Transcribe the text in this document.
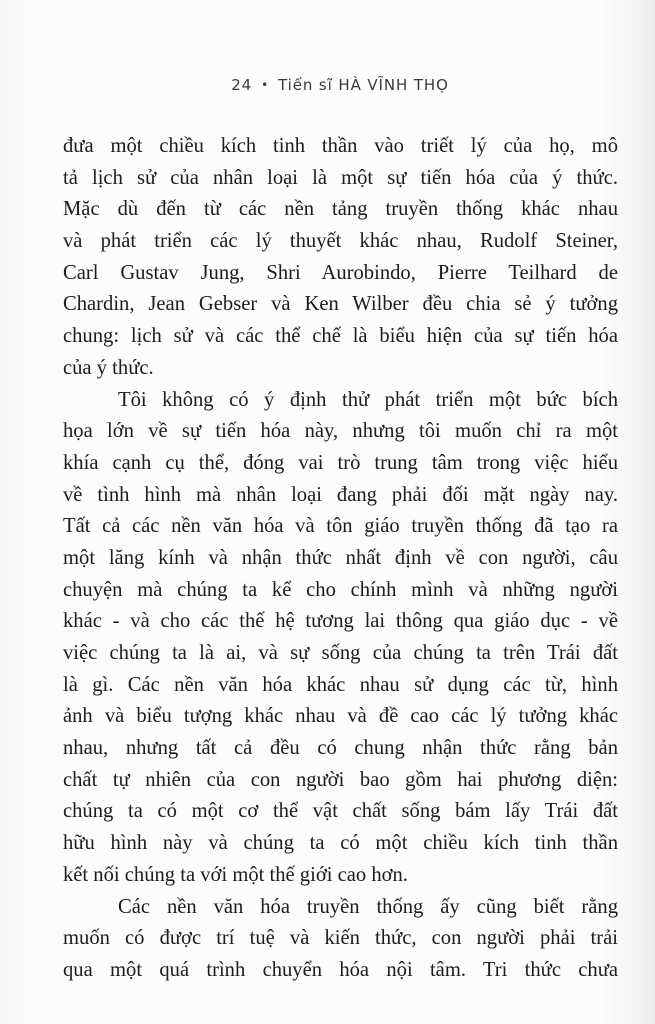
24 • Tiến sĩ HÀ VĨNH THỌ
đưa một chiều kích tinh thần vào triết lý của họ, mô
tả lịch sử của nhân loại là một sự tiến hóa của ý thức.
Mặc dù đến từ các nền tảng truyền thống khác nhau
và phát triển các lý thuyết khác nhau, Rudolf Steiner,
Carl Gustav Jung, Shri Aurobindo, Pierre Teilhard de
Chardin, Jean Gebser và Ken Wilber đều chia sẻ ý tưởng
chung: lịch sử và các thể chế là biểu hiện của sự tiến hóa
của ý thức.
Tôi không có ý định thử phát triển một bức bích
họa lớn về sự tiến hóa này, nhưng tôi muốn chỉ ra một
khía cạnh cụ thể, đóng vai trò trung tâm trong việc hiểu
về tình hình mà nhân loại đang phải đối mặt ngày nay.
Tất cả các nền văn hóa và tôn giáo truyền thống đã tạo ra
một lăng kính và nhận thức nhất định về con người, câu
chuyện mà chúng ta kể cho chính mình và những người
khác - và cho các thế hệ tương lai thông qua giáo dục - về
việc chúng ta là ai, và sự sống của chúng ta trên Trái đất
là gì. Các nền văn hóa khác nhau sử dụng các từ, hình
ảnh và biểu tượng khác nhau và đề cao các lý tưởng khác
nhau, nhưng tất cả đều có chung nhận thức rằng bản
chất tự nhiên của con người bao gồm hai phương diện:
chúng ta có một cơ thể vật chất sống bám lấy Trái đất
hữu hình này và chúng ta có một chiều kích tinh thần
kết nối chúng ta với một thế giới cao hơn.
Các nền văn hóa truyền thống ấy cũng biết rằng
muốn có được trí tuệ và kiến thức, con người phải trải
qua một quá trình chuyển hóa nội tâm. Tri thức chưa
